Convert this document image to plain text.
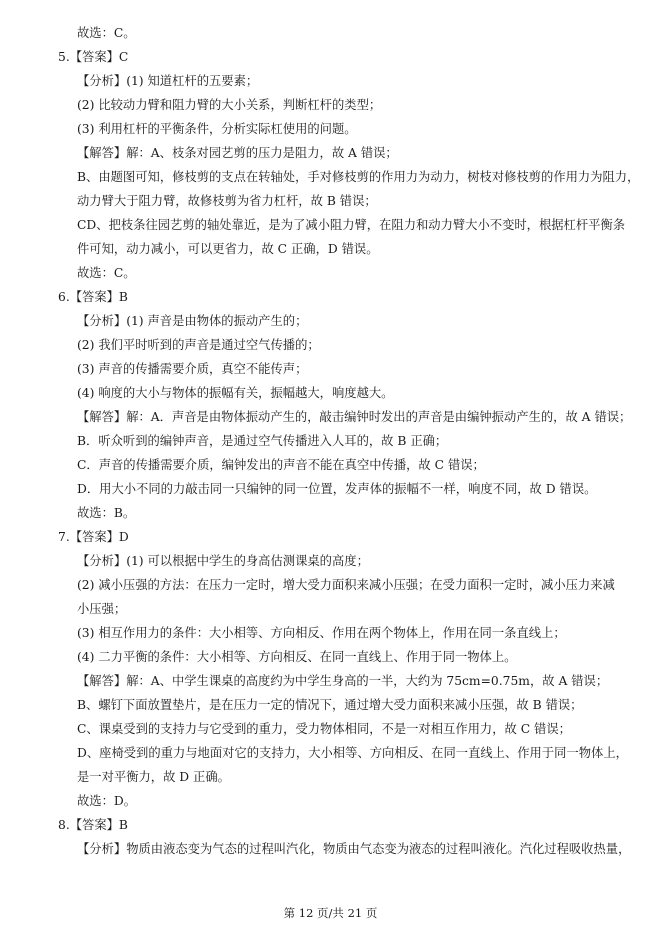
故选：C。
5.【答案】C
【分析】(1) 知道杠杆的五要素；
(2) 比较动力臂和阻力臂的大小关系，判断杠杆的类型；
(3) 利用杠杆的平衡条件，分析实际杠使用的问题。
【解答】解：A、枝条对园艺剪的压力是阻力，故 A 错误；
B、由题图可知，修枝剪的支点在转轴处，手对修枝剪的作用力为动力，树枝对修枝剪的作用力为阻力，
动力臂大于阻力臂，故修枝剪为省力杠杆，故 B 错误；
CD、把枝条往园艺剪的轴处靠近，是为了减小阻力臂，在阻力和动力臂大小不变时，根据杠杆平衡条
件可知，动力减小，可以更省力，故 C 正确，D 错误。
故选：C。
6.【答案】B
【分析】(1) 声音是由物体的振动产生的；
(2) 我们平时听到的声音是通过空气传播的；
(3) 声音的传播需要介质，真空不能传声；
(4) 响度的大小与物体的振幅有关，振幅越大，响度越大。
【解答】解：A．声音是由物体振动产生的，敲击编钟时发出的声音是由编钟振动产生的，故 A 错误；
B．听众听到的编钟声音，是通过空气传播进入人耳的，故 B 正确；
C．声音的传播需要介质，编钟发出的声音不能在真空中传播，故 C 错误；
D．用大小不同的力敲击同一只编钟的同一位置，发声体的振幅不一样，响度不同，故 D 错误。
故选：B。
7.【答案】D
【分析】(1) 可以根据中学生的身高估测课桌的高度；
(2) 减小压强的方法：在压力一定时，增大受力面积来减小压强；在受力面积一定时，减小压力来减
小压强；
(3) 相互作用力的条件：大小相等、方向相反、作用在两个物体上，作用在同一条直线上；
(4) 二力平衡的条件：大小相等、方向相反、在同一直线上、作用于同一物体上。
【解答】解：A、中学生课桌的高度约为中学生身高的一半，大约为 75cm=0.75m，故 A 错误；
B、螺钉下面放置垫片，是在压力一定的情况下，通过增大受力面积来减小压强，故 B 错误；
C、课桌受到的支持力与它受到的重力，受力物体相同，不是一对相互作用力，故 C 错误；
D、座椅受到的重力与地面对它的支持力，大小相等、方向相反、在同一直线上、作用于同一物体上，
是一对平衡力，故 D 正确。
故选：D。
8.【答案】B
【分析】物质由液态变为气态的过程叫汽化，物质由气态变为液态的过程叫液化。汽化过程吸收热量，
第 12 页/共 21 页
